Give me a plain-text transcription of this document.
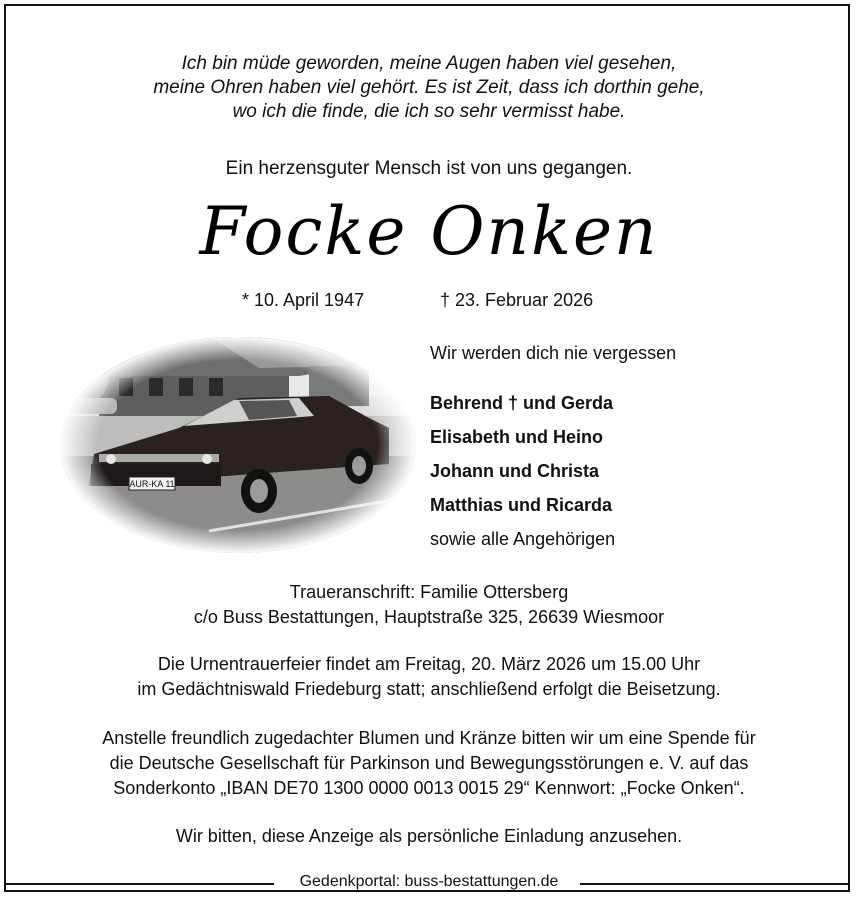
Ich bin müde geworden, meine Augen haben viel gesehen,
meine Ohren haben viel gehört. Es ist Zeit, dass ich dorthin gehe,
wo ich die finde, die ich so sehr vermisst habe.
Ein herzensguter Mensch ist von uns gegangen.
Focke Onken
* 10. April 1947	† 23. Februar 2026
Wir werden dich nie vergessen
Behrend † und Gerda
Elisabeth und Heino
Johann und Christa
Matthias und Ricarda
sowie alle Angehörigen
Traueranschrift: Familie Ottersberg
c/o Buss Bestattungen, Hauptstraße 325, 26639 Wiesmoor
Die Urnentrauerfeier findet am Freitag, 20. März 2026 um 15.00 Uhr
im Gedächtniswald Friedeburg statt; anschließend erfolgt die Beisetzung.
Anstelle freundlich zugedachter Blumen und Kränze bitten wir um eine Spende für
die Deutsche Gesellschaft für Parkinson und Bewegungsstörungen e. V. auf das
Sonderkonto „IBAN DE70 1300 0000 0013 0015 29“ Kennwort: „Focke Onken“.
Wir bitten, diese Anzeige als persönliche Einladung anzusehen.
Gedenkportal: buss-bestattungen.de
